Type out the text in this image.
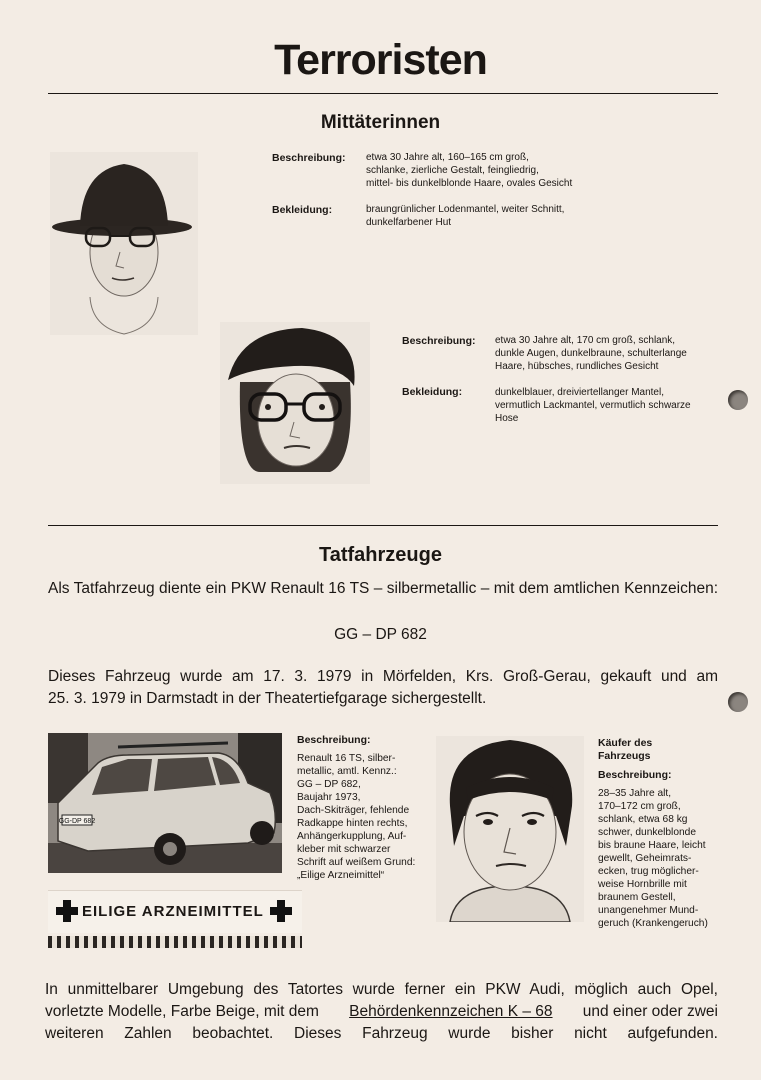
Terroristen
Mittäterinnen
Beschreibung: etwa 30 Jahre alt, 160–165 cm groß,
schlanke, zierliche Gestalt, feingliedrig,
mittel- bis dunkelblonde Haare, ovales Gesicht
Bekleidung:	braungrünlicher Lodenmantel, weiter Schnitt,
dunkelfarbener Hut
Beschreibung: etwa 30 Jahre alt, 170 cm groß, schlank,
dunkle Augen, dunkelbraune, schulterlange
Haare, hübsches, rundliches Gesicht
Bekleidung:	dunkelblauer, dreiviertellanger Mantel,
vermutlich Lackmantel, vermutlich schwarze
Hose
Tatfahrzeuge
Als Tatfahrzeug diente ein PKW Renault 16 TS – silbermetallic – mit dem amtlichen Kennzeichen:
GG – DP 682
Dieses Fahrzeug wurde am 17. 3. 1979 in Mörfelden, Krs. Groß-Gerau, gekauft und am
25. 3. 1979 in Darmstadt in der Theatertiefgarage sichergestellt.
GG-DP 682
Beschreibung:
Renault 16 TS, silber-
metallic, amtl. Kennz.:
GG – DP 682,
Baujahr 1973,
Dach-Skiträger, fehlende
Radkappe hinten rechts,
Anhängerkupplung, Auf-
kleber mit schwarzer
Schrift auf weißem Grund:
„Eilige Arzneimittel“
EILIGE ARZNEIMITTEL
Käufer des
Fahrzeugs
Beschreibung:
28–35 Jahre alt,
170–172 cm groß,
schlank, etwa 68 kg
schwer, dunkelblonde
bis braune Haare, leicht
gewellt, Geheimrats-
ecken, trug möglicher-
weise Hornbrille mit
braunem Gestell,
unangenehmer Mund-
geruch (Krankengeruch)
In unmittelbarer Umgebung des Tatortes wurde ferner ein PKW Audi, möglich auch Opel,
vorletzte Modelle, Farbe Beige, mit dem Behördenkennzeichen K – 68 und einer oder zwei
weiteren Zahlen beobachtet. Dieses Fahrzeug wurde bisher nicht aufgefunden.
